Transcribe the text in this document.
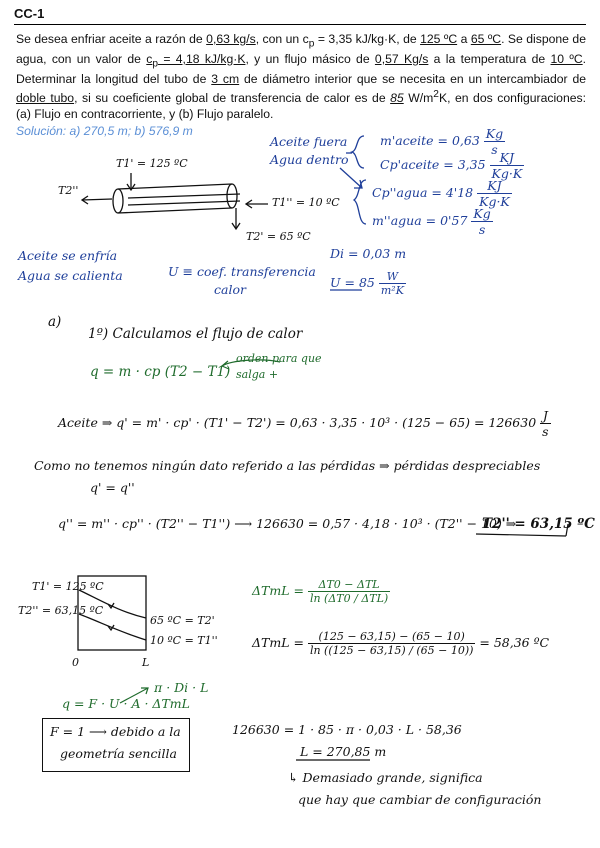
CC-1
Se desea enfriar aceite a razón de 0,63 kg/s, con un $c_p = 3,35$ kJ/kg·K, de 125 ºC a 65 ºC. Se dispone de agua, con un valor de $c_p = 4,18$ kJ/kg·K, y un flujo másico de 0,57 Kg/s a la temperatura de 10 ºC. Determinar la longitud del tubo de 3 cm de diámetro interior que se necesita en un intercambiador de doble tubo, si su coeficiente global de transferencia de calor es de 85 $W/m^2K$, en dos configuraciones: (a) Flujo en contracorriente, y (b) Flujo paralelo.
Solución: a) 270,5 m; b) 576,9 m
Aceite fuera
Agua dentro
m'aceite = $0,63 \frac{Kg}{s}$
Cp'aceite = $3,35 \frac{KJ}{Kg\cdot K}$
Cp''agua = $4'18 \frac{KJ}{Kg\cdot K}$
m''agua = $0'57 \frac{Kg}{s}$
T1' = 125 ºC
T2''
T1'' = 10 ºC
T2' = 65 ºC
Aceite se enfría
Agua se calienta	U ≡ coef. transferencia
calor
Di = 0,03 m
$U = 85 \frac{W}{\text{m²K}}$
a)
1º) Calculamos el flujo de calor
q = m · cp (T2 − T1)
orden para que
salga +
Aceite ⇒ $q' = m' \cdot cp' \cdot (T1' - T2') = 0,63 \cdot 3,35 \cdot 10^3 \cdot (125 - 65) = 126630 \frac{J}{s}$
Como no tenemos ningún dato referido a las pérdidas ⇒ pérdidas despreciables
q' = q''
q'' = m'' · cp'' · (T2'' − T1'') ⟶ 126630 = 0,57 · 4,18 · 10³ · (T2'' − 10) ⇒
T2'' = 63,15 ºC
T1' = 125 ºC
T2'' = 63,15 ºC
65 ºC = T2'
10 ºC = T1''
0	L
$\Delta TmL = \frac{\text{ΔT0 − ΔTL}}{\text{ln (ΔT0 / ΔTL)}}$
$\Delta TmL = \frac{(125 - 63,15) - (65 - 10)}{\ln ((125 - 63,15) / (65 - 10))} = 58,36$ ºC
q = F · U · A · ΔTmL
π · Di · L
F = 1 ⟶ debido a la
geometría sencilla
126630 = 1 · 85 · π · 0,03 · L · 58,36
L = 270,85 m
↳ Demasiado grande, significa
que hay que cambiar de configuración
